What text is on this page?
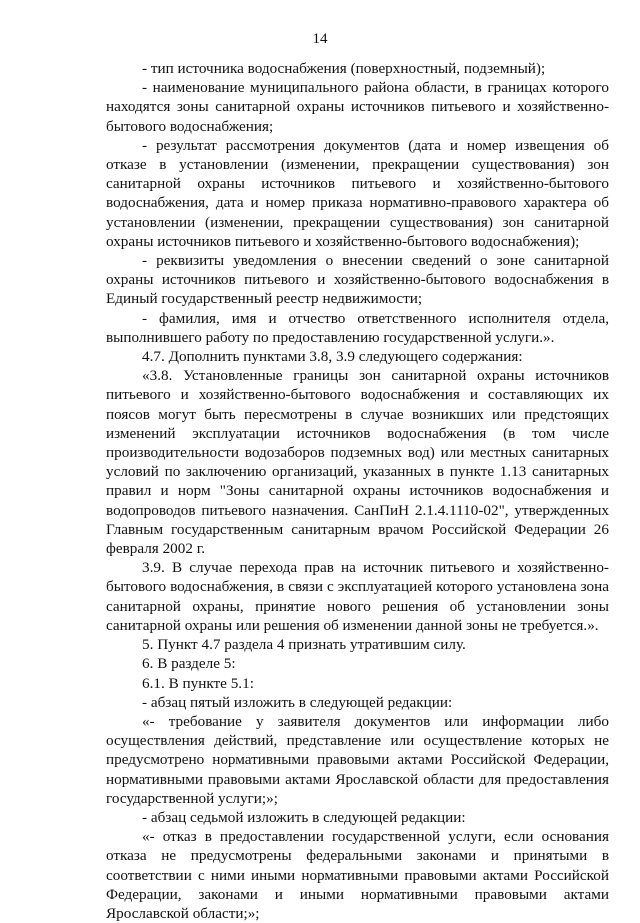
14

- тип источника водоснабжения (поверхностный, подземный);

- наименование муниципального района области, в границах которого находятся зоны санитарной охраны источников питьевого и хозяйственно-бытового водоснабжения;

- результат рассмотрения документов (дата и номер извещения об отказе в установлении (изменении, прекращении существования) зон санитарной охраны источников питьевого и хозяйственно-бытового водоснабжения, дата и номер приказа нормативно-правового характера об установлении (изменении, прекращении существования) зон санитарной охраны источников питьевого и хозяйственно-бытового водоснабжения);

- реквизиты уведомления о внесении сведений о зоне санитарной охраны источников питьевого и хозяйственно-бытового водоснабжения в Единый государственный реестр недвижимости;

- фамилия, имя и отчество ответственного исполнителя отдела, выполнившего работу по предоставлению государственной услуги.».

4.7. Дополнить пунктами 3.8, 3.9 следующего содержания:

«3.8. Установленные границы зон санитарной охраны источников питьевого и хозяйственно-бытового водоснабжения и составляющих их поясов могут быть пересмотрены в случае возникших или предстоящих изменений эксплуатации источников водоснабжения (в том числе производительности водозаборов подземных вод) или местных санитарных условий по заключению организаций, указанных в пункте 1.13 санитарных правил и норм "Зоны санитарной охраны источников водоснабжения и водопроводов питьевого назначения. СанПиН 2.1.4.1110-02", утвержденных Главным государственным санитарным врачом Российской Федерации 26 февраля 2002 г.

3.9. В случае перехода прав на источник питьевого и хозяйственно-бытового водоснабжения, в связи с эксплуатацией которого установлена зона санитарной охраны, принятие нового решения об установлении зоны санитарной охраны или решения об изменении данной зоны не требуется.».

5. Пункт 4.7 раздела 4 признать утратившим силу.

6. В разделе 5:

6.1. В пункте 5.1:

- абзац пятый изложить в следующей редакции:

«- требование у заявителя документов или информации либо осуществления действий, представление или осуществление которых не предусмотрено нормативными правовыми актами Российской Федерации, нормативными правовыми актами Ярославской области для предоставления государственной услуги;»;

- абзац седьмой изложить в следующей редакции:

«- отказ в предоставлении государственной услуги, если основания отказа не предусмотрены федеральными законами и принятыми в соответствии с ними иными нормативными правовыми актами Российской Федерации, законами и иными нормативными правовыми актами Ярославской области;»;
